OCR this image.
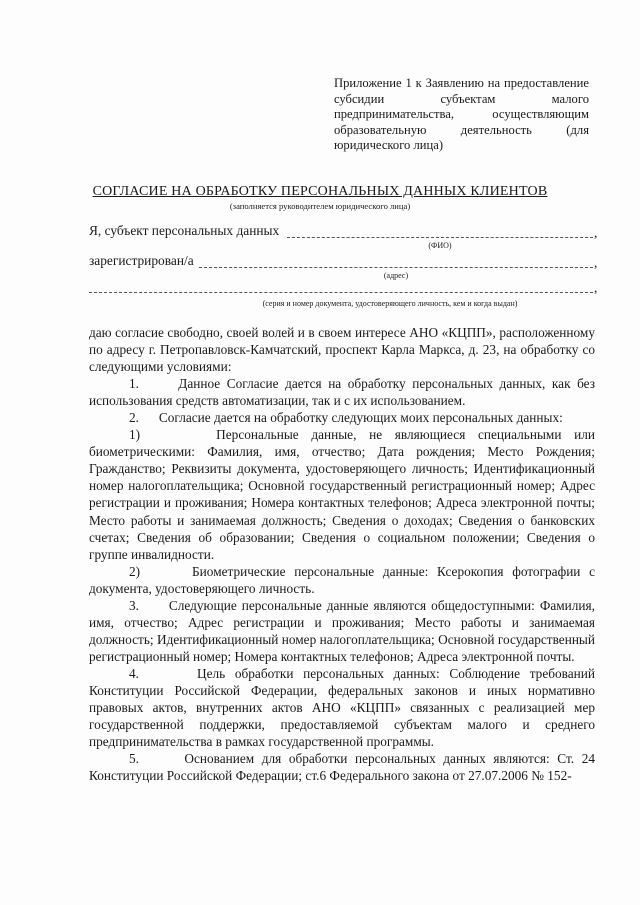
Приложение 1 к Заявлению на предоставление
субсидии субъектам малого
предпринимательства, осуществляющим
образовательную деятельность (для
юридического лица)
СОГЛАСИЕ НА ОБРАБОТКУ ПЕРСОНАЛЬНЫХ ДАННЫХ КЛИЕНТОВ
(заполняется руководителем юридического лица)
Я, субъект персональных данных	,
(ФИО)
зарегистрирован/а	,
(адрес)
,
(серия и номер документа, удостоверяющего личность, кем и когда выдан)

даю согласие свободно, своей волей и в своем интересе АНО «КЦПП», расположенному по адресу г. Петропавловск-Камчатский, проспект Карла Маркса, д. 23, на обработку со следующими условиями:

1.      Данное Согласие дается на обработку персональных данных, как без использования средств автоматизации, так и с их использованием.

2.      Согласие дается на обработку следующих моих персональных данных:

1)      Персональные данные, не являющиеся специальными или биометрическими: Фамилия, имя, отчество; Дата рождения; Место Рождения; Гражданство; Реквизиты документа, удостоверяющего личность; Идентификационный номер налогоплательщика; Основной государственный регистрационный номер; Адрес регистрации и проживания; Номера контактных телефонов; Адреса электронной почты; Место работы и занимаемая должность; Сведения о доходах; Сведения о банковских счетах; Сведения об образовании; Сведения о социальном положении; Сведения о группе инвалидности.

2)      Биометрические персональные данные: Ксерокопия фотографии с документа, удостоверяющего личность.

3.      Следующие персональные данные являются общедоступными: Фамилия, имя, отчество; Адрес регистрации и проживания; Место работы и занимаемая должность; Идентификационный номер налогоплательщика; Основной государственный регистрационный номер; Номера контактных телефонов; Адреса электронной почты.

4.      Цель обработки персональных данных: Соблюдение требований Конституции Российской Федерации, федеральных законов и иных нормативно правовых актов, внутренних актов АНО «КЦПП» связанных с реализацией мер государственной поддержки, предоставляемой субъектам малого и среднего предпринимательства в рамках государственной программы.

5.      Основанием для обработки персональных данных являются: Ст. 24 Конституции Российской Федерации; ст.6 Федерального закона от 27.07.2006 № 152-
